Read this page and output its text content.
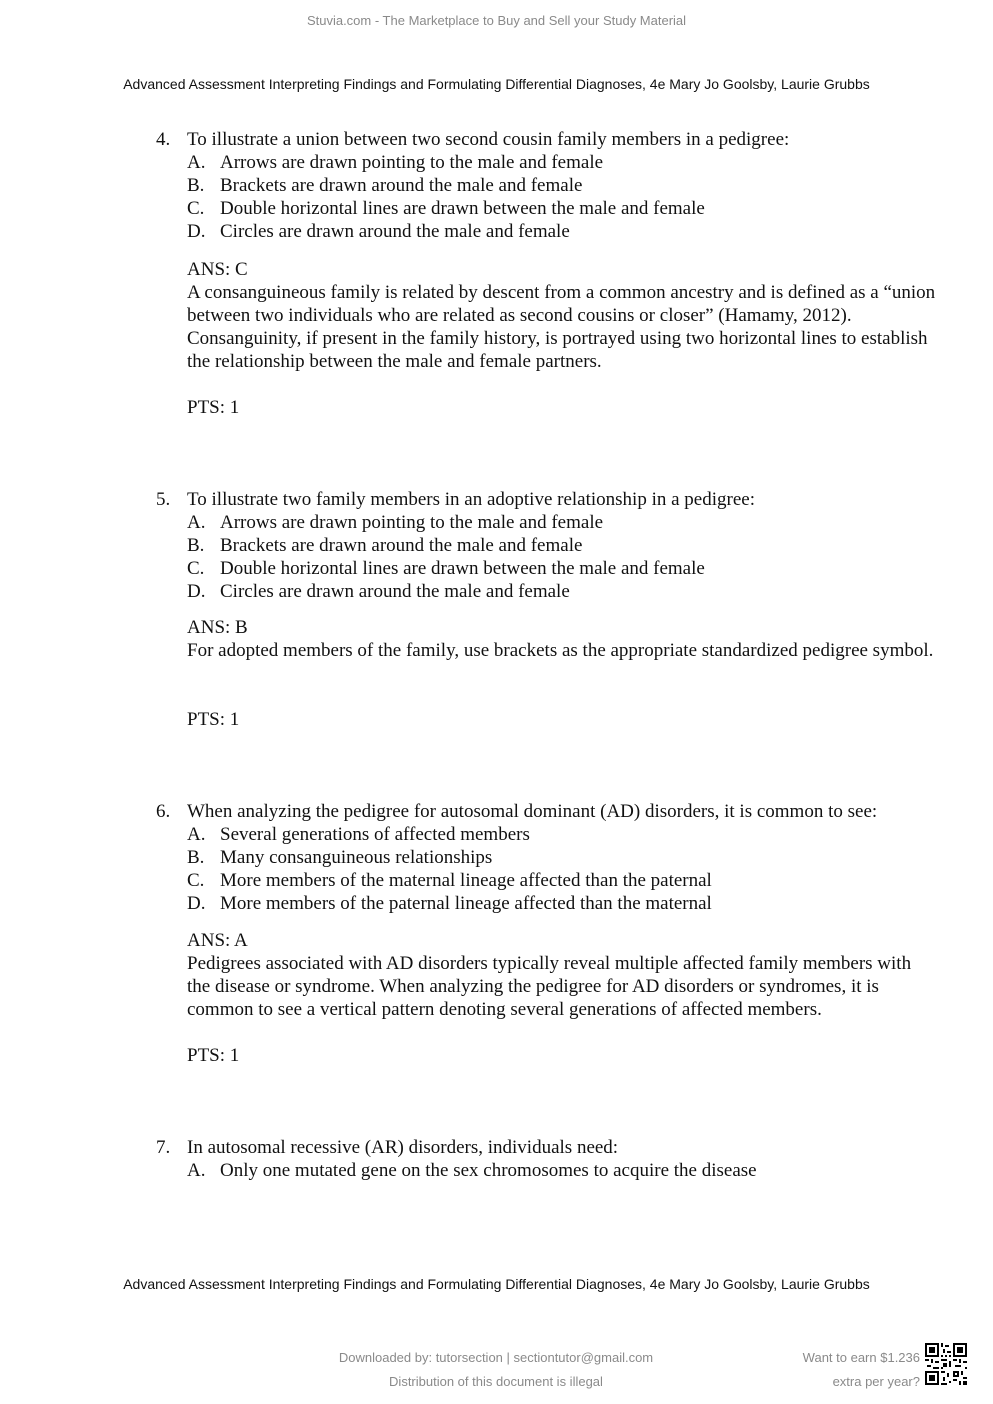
Stuvia.com - The Marketplace to Buy and Sell your Study Material
Advanced Assessment Interpreting Findings and Formulating Differential Diagnoses, 4e Mary Jo Goolsby, Laurie Grubbs
4. To illustrate a union between two second cousin family members in a pedigree:
A. Arrows are drawn pointing to the male and female
B. Brackets are drawn around the male and female
C. Double horizontal lines are drawn between the male and female
D. Circles are drawn around the male and female
ANS: C
A consanguineous family is related by descent from a common ancestry and is defined as a “union between two individuals who are related as second cousins or closer” (Hamamy, 2012). Consanguinity, if present in the family history, is portrayed using two horizontal lines to establish the relationship between the male and female partners.
PTS: 1
5. To illustrate two family members in an adoptive relationship in a pedigree:
A. Arrows are drawn pointing to the male and female
B. Brackets are drawn around the male and female
C. Double horizontal lines are drawn between the male and female
D. Circles are drawn around the male and female
ANS: B
For adopted members of the family, use brackets as the appropriate standardized pedigree symbol.
PTS: 1
6. When analyzing the pedigree for autosomal dominant (AD) disorders, it is common to see:
A. Several generations of affected members
B. Many consanguineous relationships
C. More members of the maternal lineage affected than the paternal
D. More members of the paternal lineage affected than the maternal
ANS: A
Pedigrees associated with AD disorders typically reveal multiple affected family members with the disease or syndrome. When analyzing the pedigree for AD disorders or syndromes, it is common to see a vertical pattern denoting several generations of affected members.
PTS: 1
7. In autosomal recessive (AR) disorders, individuals need:
A. Only one mutated gene on the sex chromosomes to acquire the disease
Advanced Assessment Interpreting Findings and Formulating Differential Diagnoses, 4e Mary Jo Goolsby, Laurie Grubbs
Downloaded by: tutorsection | sectiontutor@gmail.com
Distribution of this document is illegal
Want to earn $1.236
extra per year?
